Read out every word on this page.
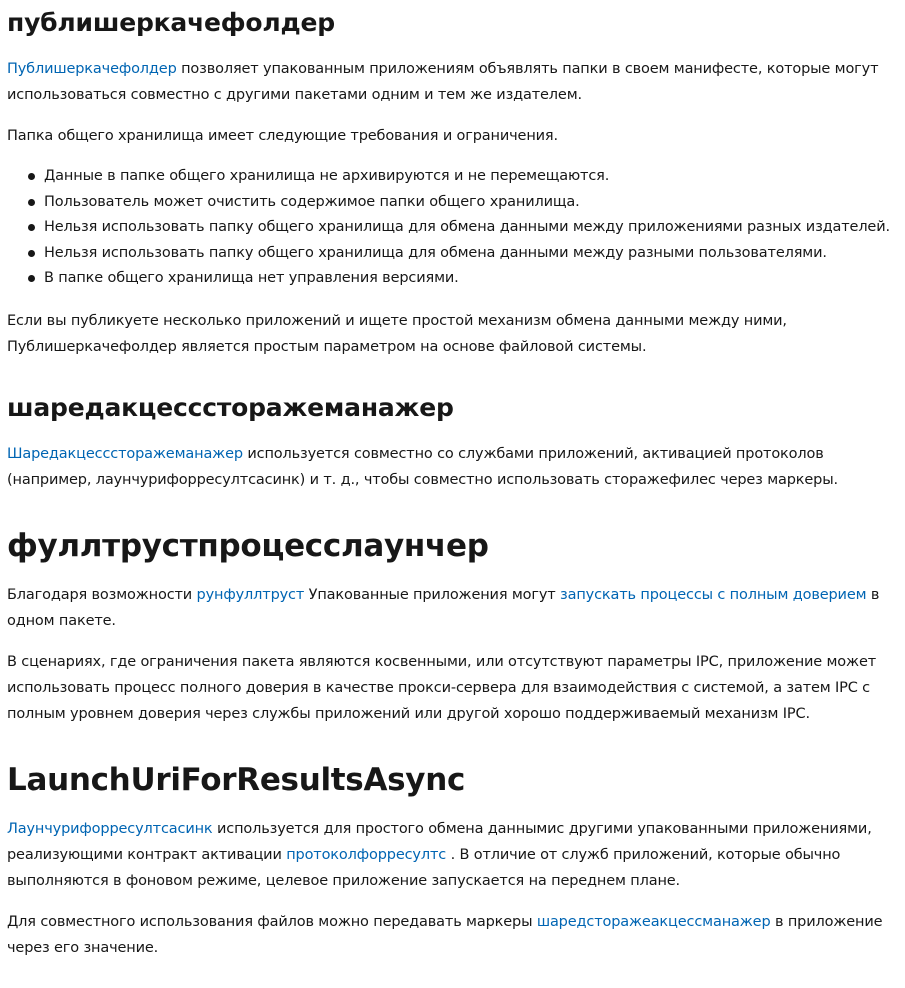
публишеркачефолдер

Публишеркачефолдер позволяет упакованным приложениям объявлять папки в своем манифесте, которые могут использоваться совместно с другими пакетами одним и тем же издателем.

Папка общего хранилища имеет следующие требования и ограничения.

Данные в папке общего хранилища не архивируются и не перемещаются.
Пользователь может очистить содержимое папки общего хранилища.
Нельзя использовать папку общего хранилища для обмена данными между приложениями разных издателей.
Нельзя использовать папку общего хранилища для обмена данными между разными пользователями.
В папке общего хранилища нет управления версиями.

Если вы публикуете несколько приложений и ищете простой механизм обмена данными между ними, Публишеркачефолдер является простым параметром на основе файловой системы.

шаредакцесссторажеманажер

Шаредакцесссторажеманажер используется совместно со службами приложений, активацией протоколов (например, лаунчурифорресултсасинк) и т. д., чтобы совместно использовать сторажефилес через маркеры.

фуллтрустпроцесслаунчер

Благодаря возможности рунфуллтруст Упакованные приложения могут запускать процессы с полным доверием в одном пакете.

В сценариях, где ограничения пакета являются косвенными, или отсутствуют параметры IPC, приложение может использовать процесс полного доверия в качестве прокси-сервера для взаимодействия с системой, а затем IPC с полным уровнем доверия через службы приложений или другой хорошо поддерживаемый механизм IPC.

LaunchUriForResultsAsync

Лаунчурифорресултсасинк используется для простого обмена даннымис другими упакованными приложениями, реализующими контракт активации протоколфорресултс . В отличие от служб приложений, которые обычно выполняются в фоновом режиме, целевое приложение запускается на переднем плане.

Для совместного использования файлов можно передавать маркеры шаредсторажеакцессманажер в приложение через его значение.
